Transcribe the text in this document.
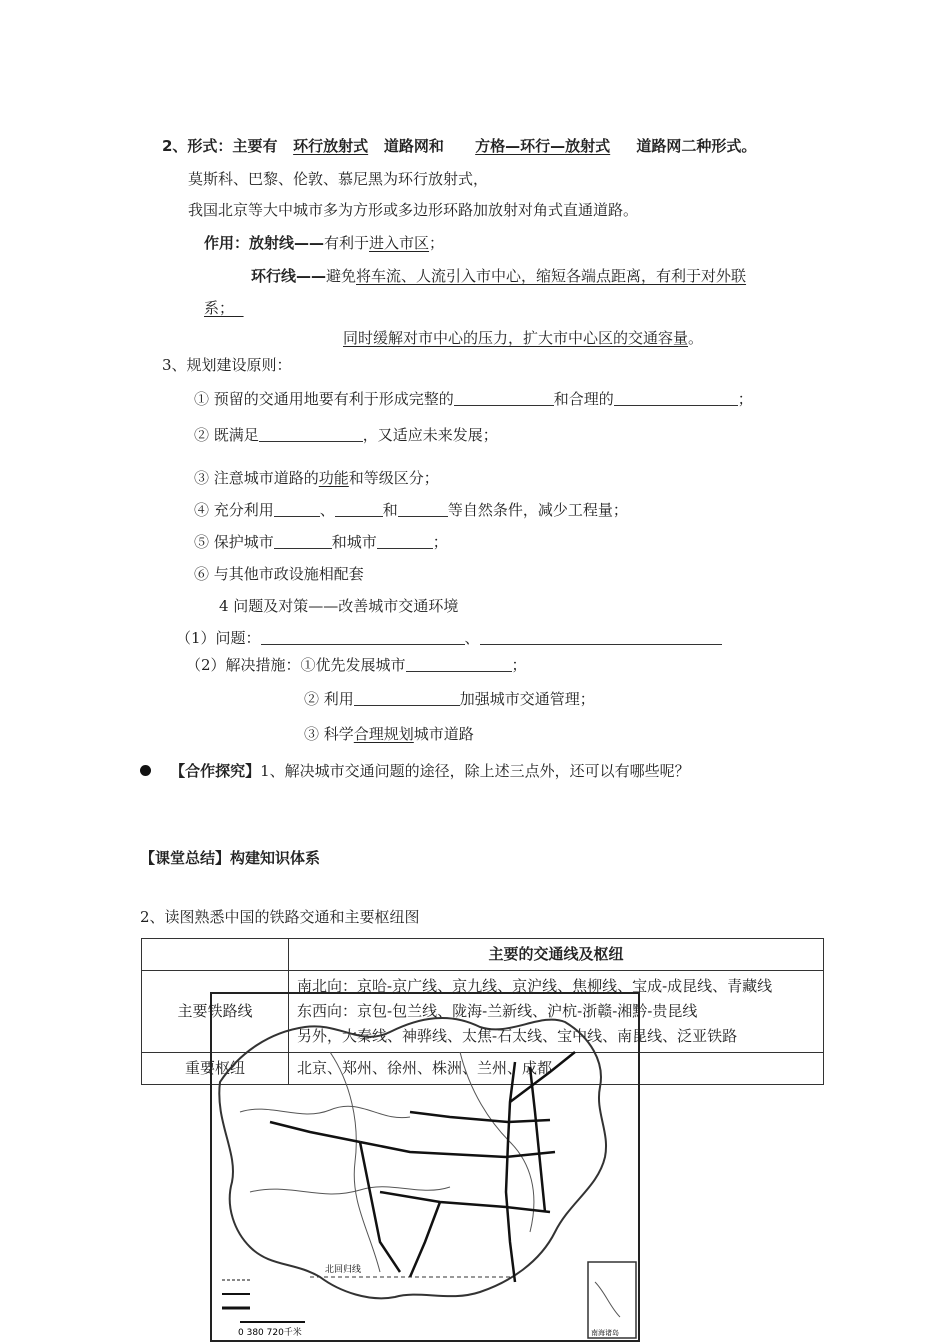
2、形式：主要有 环行放射式 道路网和 方格—环行—放射式 道路网二种形式。
莫斯科、巴黎、伦敦、慕尼黑为环行放射式，
我国北京等大中城市多为方形或多边形环路加放射对角式直通道路。
作用：放射线——有利于进入市区；
环行线——避免将车流、人流引入市中心，缩短各端点距离，有利于对外联
系；
同时缓解对市中心的压力，扩大市中心区的交通容量。
3、规划建设原则：
① 预留的交通用地要有利于形成完整的	和合理的	；
② 既满足	，又适应未来发展；
③ 注意城市道路的功能和等级区分；
④ 充分利用	、	和	等自然条件，减少工程量；
⑤ 保护城市	和城市	；
⑥ 与其他市政设施相配套
4 问题及对策——改善城市交通环境
（1）问题：	、
（2）解决措施：①优先发展城市	；
② 利用	加强城市交通管理；
③ 科学合理规划城市道路
【合作探究】1、解决城市交通问题的途径，除上述三点外，还可以有哪些呢？
【课堂总结】构建知识体系
2、读图熟悉中国的铁路交通和主要枢纽图
	主要的交通线及枢纽
主要铁路线	南北向：京哈-京广线、京九线、京沪线、焦柳线、宝成-成昆线、青藏线
东西向：京包-包兰线、陇海-兰新线、沪杭-浙赣-湘黔-贵昆线
另外，大秦线、神骅线、太焦-石太线、宝中线、南昆线、泛亚铁路

重要枢纽	北京、郑州、徐州、株洲、兰州、成都
北回归线
0 380 720千米	南海诸岛
